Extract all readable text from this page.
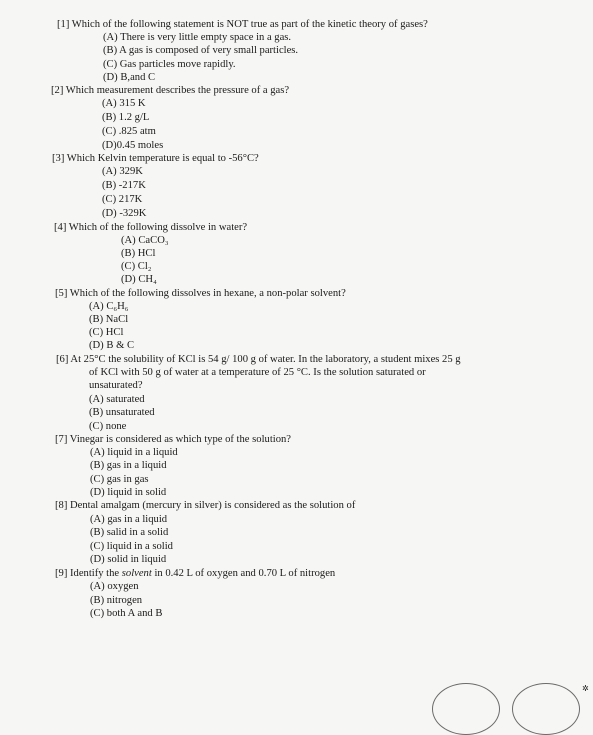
[1] Which of the following statement is NOT true as part of the kinetic theory of gases?
(A) There is very little empty space in a gas.
(B) A gas is composed of very small particles.
(C) Gas particles move rapidly.
(D) B,and C
[2] Which measurement describes the pressure of a gas?
(A) 315 K
(B) 1.2 g/L
(C) .825 atm
(D)0.45 moles
[3] Which Kelvin temperature is equal to -56°C?
(A) 329K
(B) -217K
(C) 217K
(D) -329K
[4] Which of the following dissolve in water?
(A) CaCO₃
(B) HCl
(C) Cl₂
(D) CH₄
[5] Which of the following dissolves in hexane, a non-polar solvent?
(A) C₆H₆
(B) NaCl
(C) HCl
(D) B & C
[6] At 25°C the solubility of KCl is 54 g/ 100 g of water. In the laboratory, a student mixes 25 g
of KCl with 50 g of water at a temperature of 25 °C. Is the solution saturated or
unsaturated?
(A) saturated
(B) unsaturated
(C) none
[7] Vinegar is considered as which type of the solution?
(A) liquid in a liquid
(B) gas in a liquid
(C) gas in gas
(D) liquid in solid
[8] Dental amalgam (mercury in silver) is considered as the solution of
(A) gas in a liquid
(B) salid in a solid
(C) liquid in a solid
(D) solid in liquid
[9] Identify the solvent in 0.42 L of oxygen and 0.70 L of nitrogen
(A) oxygen
(B) nitrogen
(C) both A and B
✲
